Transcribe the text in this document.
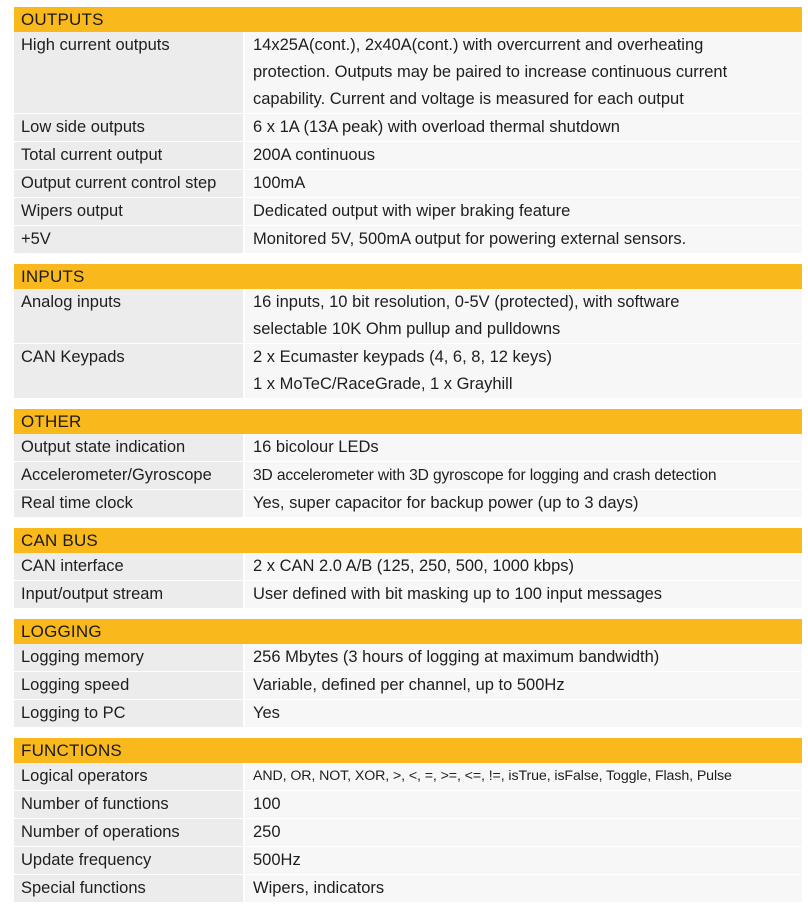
OUTPUTS
High current outputs	14x25A(cont.), 2x40A(cont.) with overcurrent and overheating
protection. Outputs may be paired to increase continuous current
capability. Current and voltage is measured for each output
Low side outputs	6 x 1A (13A peak) with overload thermal shutdown
Total current output	200A continuous
Output current control step	100mA
Wipers output	Dedicated output with wiper braking feature
+5V	Monitored 5V, 500mA output for powering external sensors.
INPUTS
Analog inputs	16 inputs, 10 bit resolution, 0-5V (protected), with software
selectable 10K Ohm pullup and pulldowns
CAN Keypads	2 x Ecumaster keypads (4, 6, 8, 12 keys)
1 x MoTeC/RaceGrade, 1 x Grayhill
OTHER
Output state indication	16 bicolour LEDs
Accelerometer/Gyroscope	3D accelerometer with 3D gyroscope for logging and crash detection
Real time clock	Yes, super capacitor for backup power (up to 3 days)
CAN BUS
CAN interface	2 x CAN 2.0 A/B (125, 250, 500, 1000 kbps)
Input/output stream	User defined with bit masking up to 100 input messages
LOGGING
Logging memory	256 Mbytes (3 hours of logging at maximum bandwidth)
Logging speed	Variable, defined per channel, up to 500Hz
Logging to PC	Yes
FUNCTIONS
Logical operators	AND, OR, NOT, XOR, >, <, =, >=, <=, !=, isTrue, isFalse, Toggle, Flash, Pulse
Number of functions	100
Number of operations	250
Update frequency	500Hz
Special functions	Wipers, indicators
